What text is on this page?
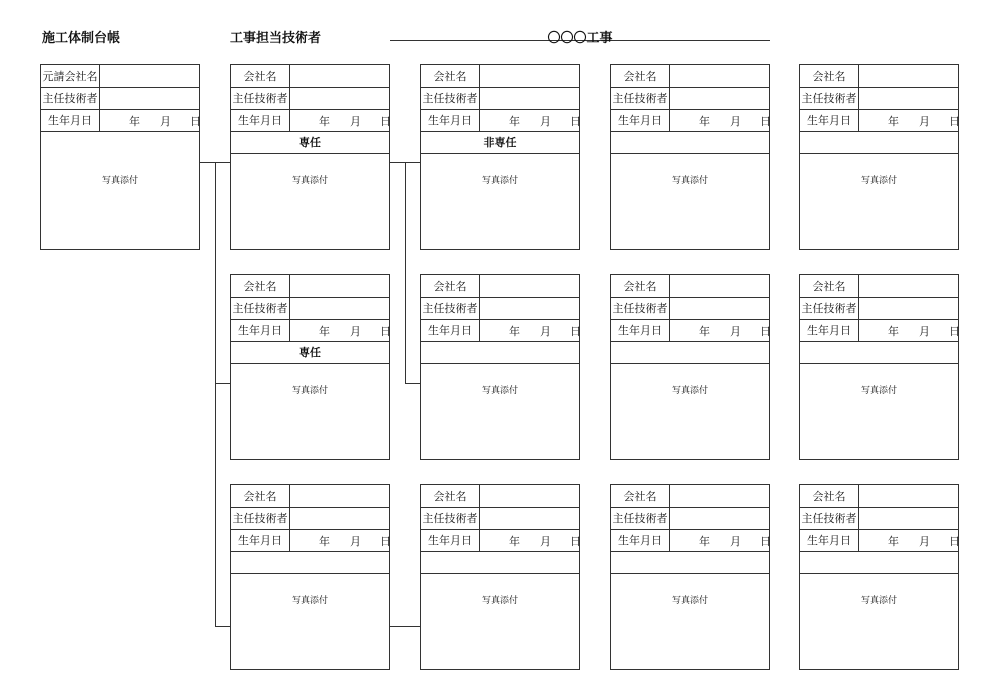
施工体制台帳	工事担当技術者	〇〇〇工事
元請会社名
主任技術者
生年月日	年 月 日
写真添付
会社名
主任技術者
生年月日	年 月 日
専任
写真添付
会社名
主任技術者
生年月日	年 月 日
非専任
写真添付
会社名
主任技術者
生年月日	年 月 日
写真添付
会社名
主任技術者
生年月日	年 月 日
写真添付
会社名
主任技術者
生年月日	年 月 日
専任
写真添付
会社名
主任技術者
生年月日	年 月 日
写真添付
会社名
主任技術者
生年月日	年 月 日
写真添付
会社名
主任技術者
生年月日	年 月 日
写真添付
会社名
主任技術者
生年月日	年 月 日
写真添付
会社名
主任技術者
生年月日	年 月 日
写真添付
会社名
主任技術者
生年月日	年 月 日
写真添付
会社名
主任技術者
生年月日	年 月 日
写真添付
